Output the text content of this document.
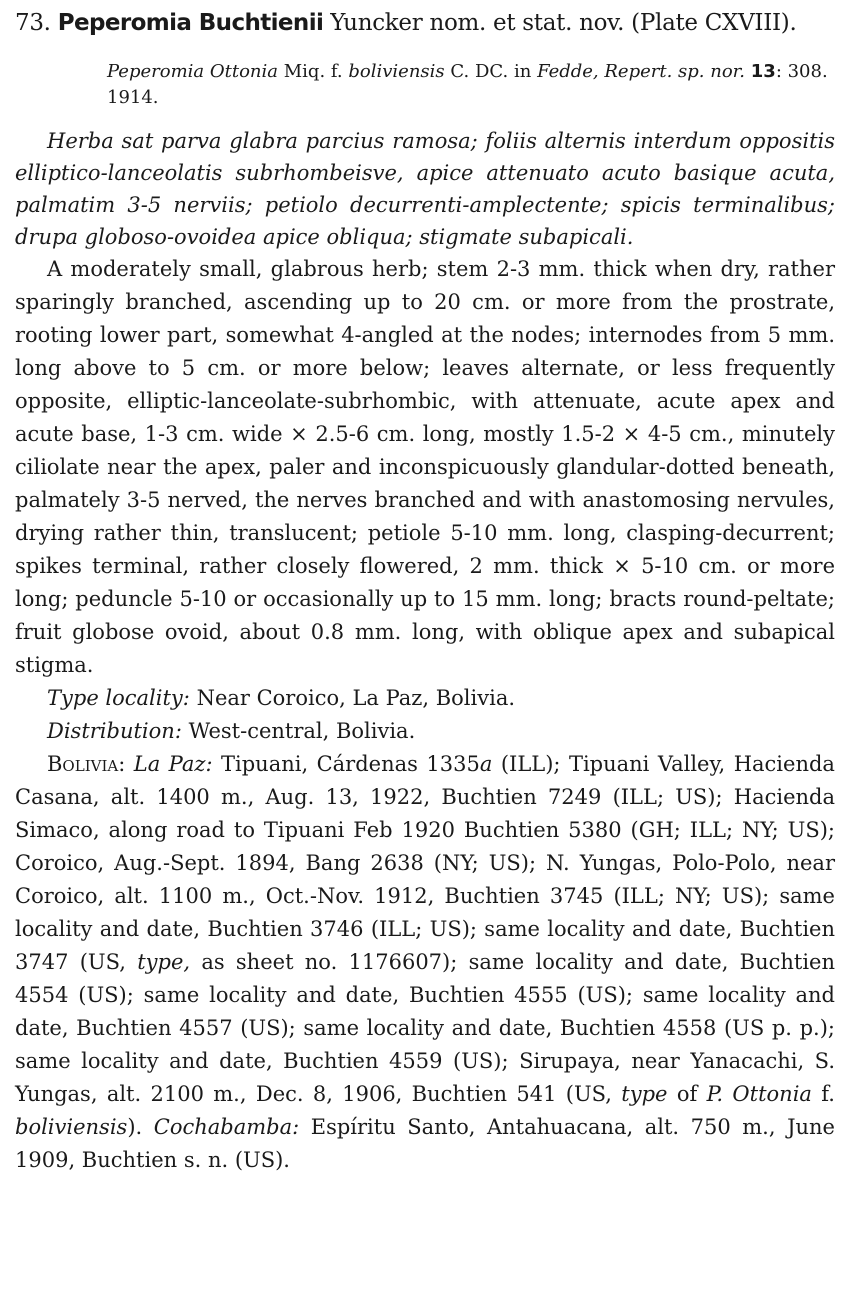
73. Peperomia Buchtienii Yuncker nom. et stat. nov. (Plate CXVIII).
Peperomia Ottonia Miq. f. boliviensis C. DC. in Fedde, Repert. sp. nor. 13: 308. 1914.
Herba sat parva glabra parcius ramosa; foliis alternis interdum oppositis elliptico-lanceolatis subrhombeisve, apice attenuato acuto basique acuta, palmatim 3-5 nerviis; petiolo decurrenti-amplectente; spicis terminalibus; drupa globoso-ovoidea apice obliqua; stigmate subapicali.

A moderately small, glabrous herb; stem 2-3 mm. thick when dry, rather sparingly branched, ascending up to 20 cm. or more from the prostrate, rooting lower part, somewhat 4-angled at the nodes; internodes from 5 mm. long above to 5 cm. or more below; leaves alternate, or less frequently opposite, elliptic-lanceolate-subrhombic, with attenuate, acute apex and acute base, 1-3 cm. wide × 2.5-6 cm. long, mostly 1.5-2 × 4-5 cm., minutely ciliolate near the apex, paler and inconspicuously glandular-dotted beneath, palmately 3-5 nerved, the nerves branched and with anastomosing nervules, drying rather thin, translucent; petiole 5-10 mm. long, clasping-decurrent; spikes terminal, rather closely flowered, 2 mm. thick × 5-10 cm. or more long; peduncle 5-10 or occasionally up to 15 mm. long; bracts round-peltate; fruit globose ovoid, about 0.8 mm. long, with oblique apex and subapical stigma.

Type locality: Near Coroico, La Paz, Bolivia.

Distribution: West-central, Bolivia.

Bolivia: La Paz: Tipuani, Cárdenas 1335a (ILL); Tipuani Valley, Hacienda Casana, alt. 1400 m., Aug. 13, 1922, Buchtien 7249 (ILL; US); Hacienda Simaco, along road to Tipuani Feb 1920 Buchtien 5380 (GH; ILL; NY; US); Coroico, Aug.-Sept. 1894, Bang 2638 (NY; US); N. Yungas, Polo-Polo, near Coroico, alt. 1100 m., Oct.-Nov. 1912, Buchtien 3745 (ILL; NY; US); same locality and date, Buchtien 3746 (ILL; US); same locality and date, Buchtien 3747 (US, type, as sheet no. 1176607); same locality and date, Buchtien 4554 (US); same locality and date, Buchtien 4555 (US); same locality and date, Buchtien 4557 (US); same locality and date, Buchtien 4558 (US p. p.); same locality and date, Buchtien 4559 (US); Sirupaya, near Yanacachi, S. Yungas, alt. 2100 m., Dec. 8, 1906, Buchtien 541 (US, type of P. Ottonia f. boliviensis). Cochabamba: Espíritu Santo, Antahuacana, alt. 750 m., June 1909, Buchtien s. n. (US).
